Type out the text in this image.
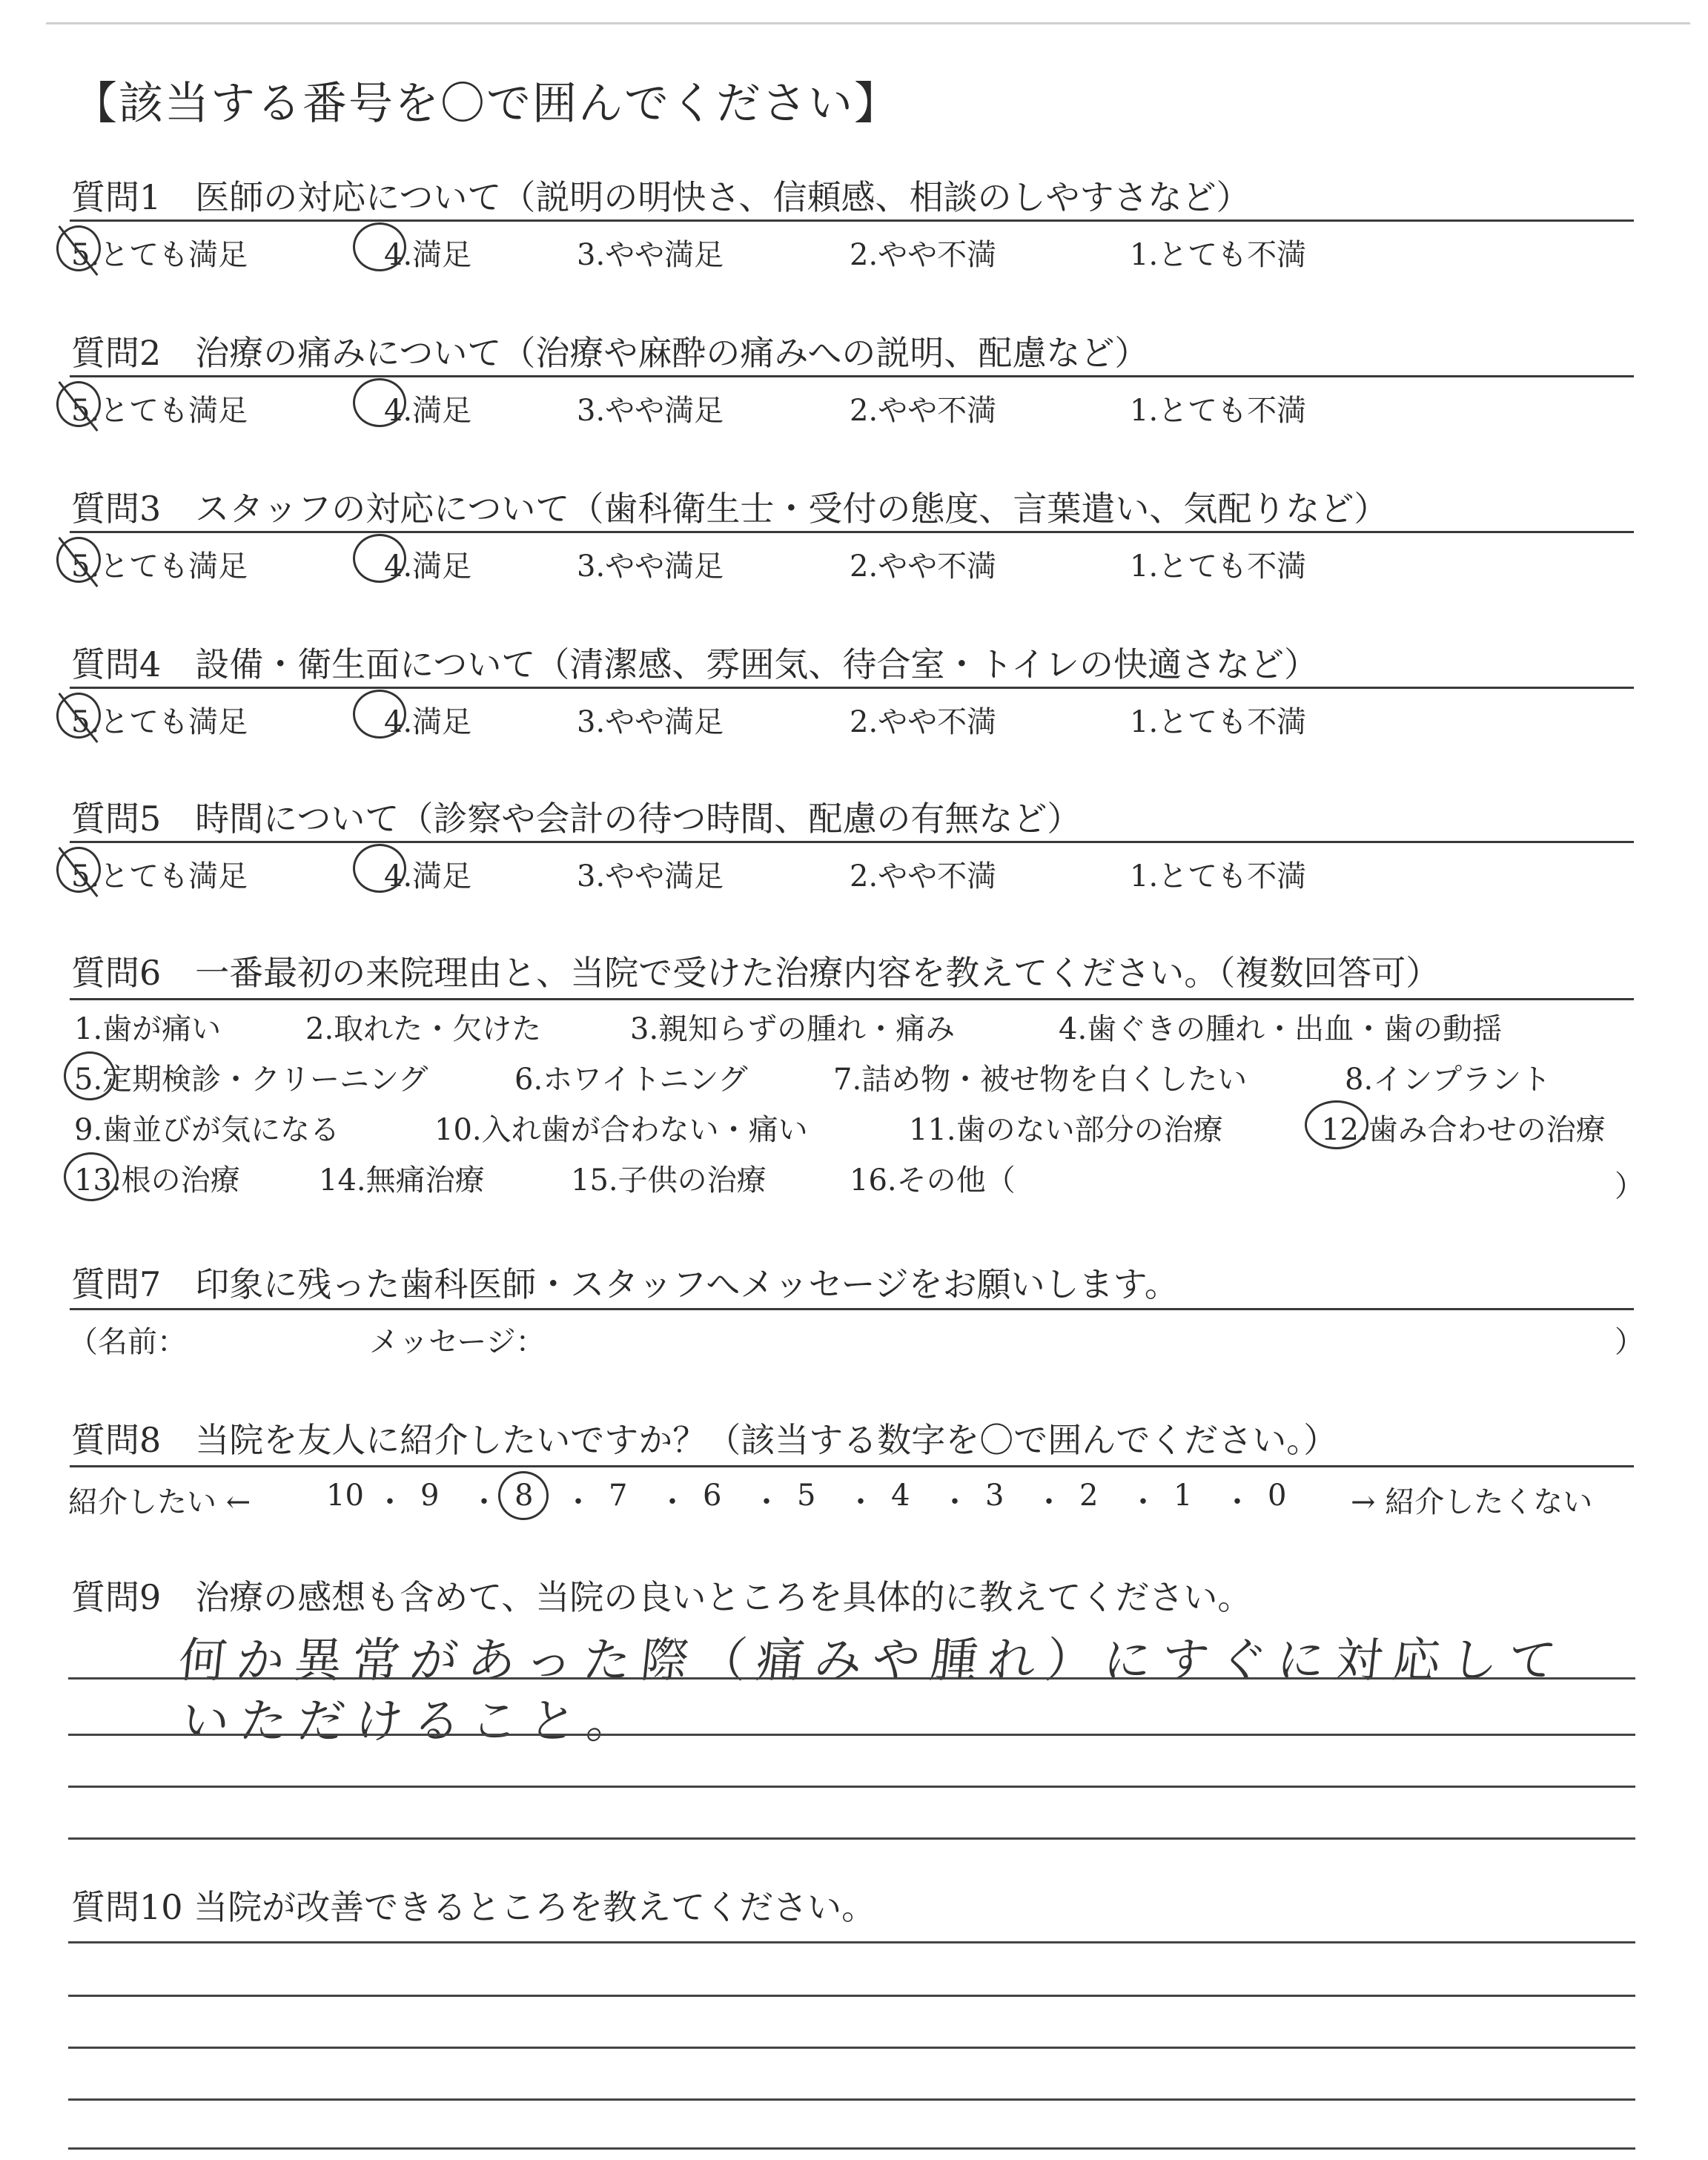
【該当する番号を〇で囲んでください】
質問1　医師の対応について（説明の明快さ、信頼感、相談のしやすさなど）
5.とても満足	4.満足	3.やや満足	2.やや不満	1.とても不満
質問2　治療の痛みについて（治療や麻酔の痛みへの説明、配慮など）
5.とても満足	4.満足	3.やや満足	2.やや不満	1.とても不満
質問3　スタッフの対応について（歯科衛生士・受付の態度、言葉遣い、気配りなど）
5.とても満足	4.満足	3.やや満足	2.やや不満	1.とても不満
質問4　設備・衛生面について（清潔感、雰囲気、待合室・トイレの快適さなど）
5.とても満足	4.満足	3.やや満足	2.やや不満	1.とても不満
質問5　時間について（診察や会計の待つ時間、配慮の有無など）
5.とても満足	4.満足	3.やや満足	2.やや不満	1.とても不満
質問6　一番最初の来院理由と、当院で受けた治療内容を教えてください。（複数回答可）
1.歯が痛い	2.取れた・欠けた	3.親知らずの腫れ・痛み	4.歯ぐきの腫れ・出血・歯の動揺
5.定期検診・クリーニング	6.ホワイトニング	7.詰め物・被せ物を白くしたい	8.インプラント
9.歯並びが気になる	10.入れ歯が合わない・痛い	11.歯のない部分の治療	12.歯み合わせの治療
13.根の治療	14.無痛治療	15.子供の治療	16.その他（	）
質問7　印象に残った歯科医師・スタッフへメッセージをお願いします。
（名前：	メッセージ：	）
質問8　当院を友人に紹介したいですか？（該当する数字を〇で囲んでください。）
紹介したい ←	10 ・ 9 ・ 8 ・ 7 ・ 6 ・ 5 ・ 4 ・ 3 ・ 2 ・ 1 ・ 0 → 紹介したくない
質問9　治療の感想も含めて、当院の良いところを具体的に教えてください。
何か異常があった際（痛みや腫れ）にすぐに対応して
いただけること。
質問10 当院が改善できるところを教えてください。
